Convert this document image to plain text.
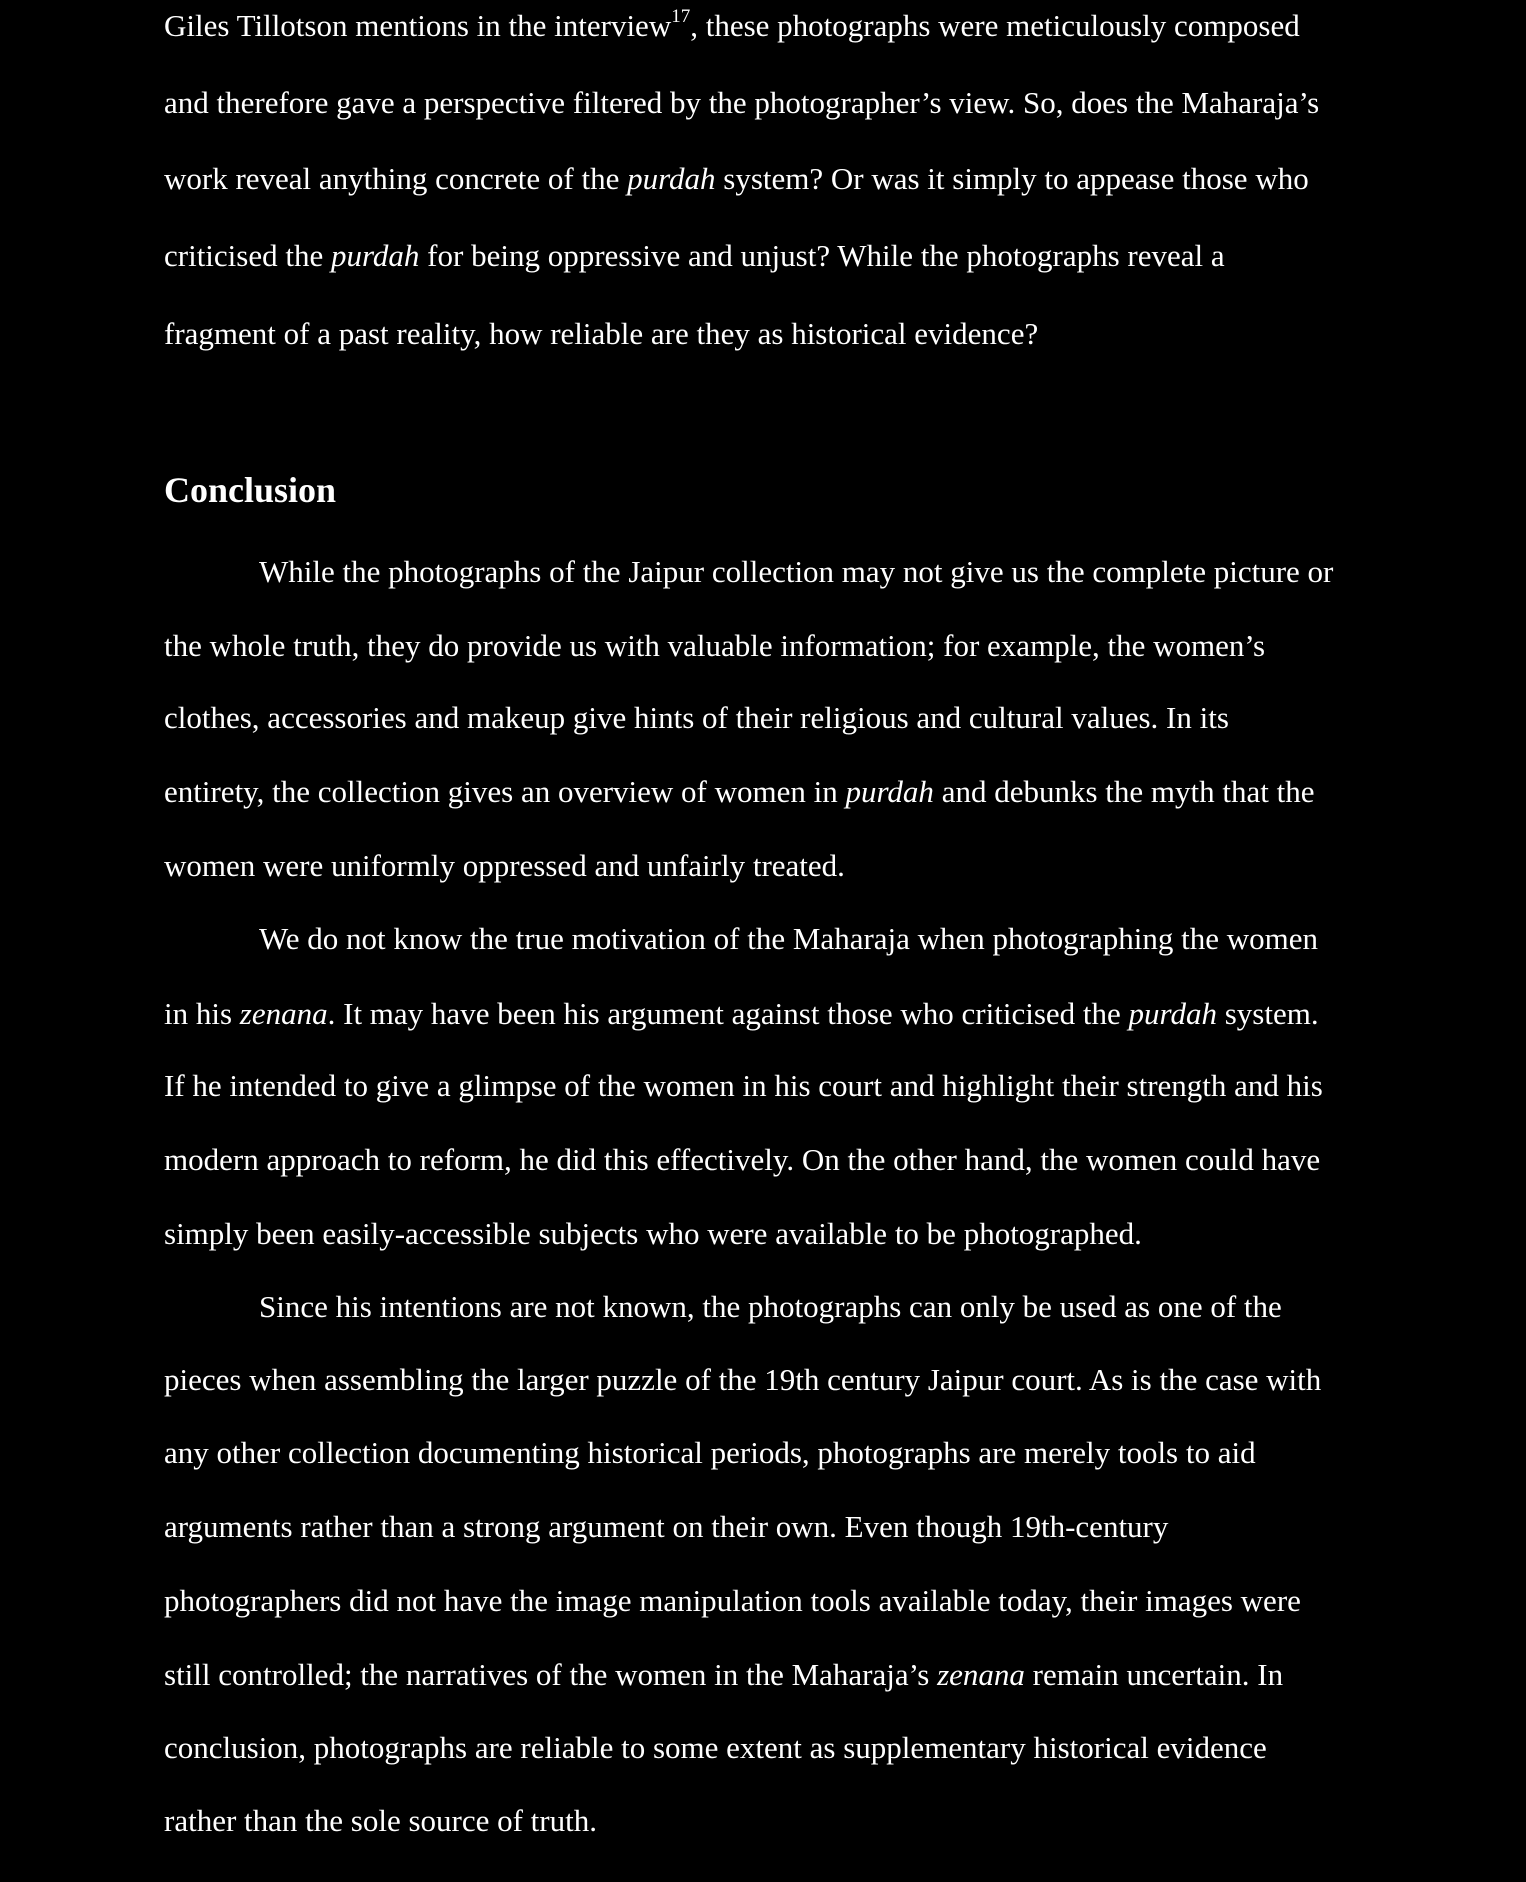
Giles Tillotson mentions in the interview$^{17}$, these photographs were meticulously composed
and therefore gave a perspective filtered by the photographer’s view. So, does the Maharaja’s
work reveal anything concrete of the purdah system? Or was it simply to appease those who
criticised the purdah for being oppressive and unjust? While the photographs reveal a
fragment of a past reality, how reliable are they as historical evidence?
Conclusion
While the photographs of the Jaipur collection may not give us the complete picture or
the whole truth, they do provide us with valuable information; for example, the women’s
clothes, accessories and makeup give hints of their religious and cultural values. In its
entirety, the collection gives an overview of women in purdah and debunks the myth that the
women were uniformly oppressed and unfairly treated.
We do not know the true motivation of the Maharaja when photographing the women
in his zenana. It may have been his argument against those who criticised the purdah system.
If he intended to give a glimpse of the women in his court and highlight their strength and his
modern approach to reform, he did this effectively. On the other hand, the women could have
simply been easily-accessible subjects who were available to be photographed.
Since his intentions are not known, the photographs can only be used as one of the
pieces when assembling the larger puzzle of the 19th century Jaipur court. As is the case with
any other collection documenting historical periods, photographs are merely tools to aid
arguments rather than a strong argument on their own. Even though 19th-century
photographers did not have the image manipulation tools available today, their images were
still controlled; the narratives of the women in the Maharaja’s zenana remain uncertain. In
conclusion, photographs are reliable to some extent as supplementary historical evidence
rather than the sole source of truth.
